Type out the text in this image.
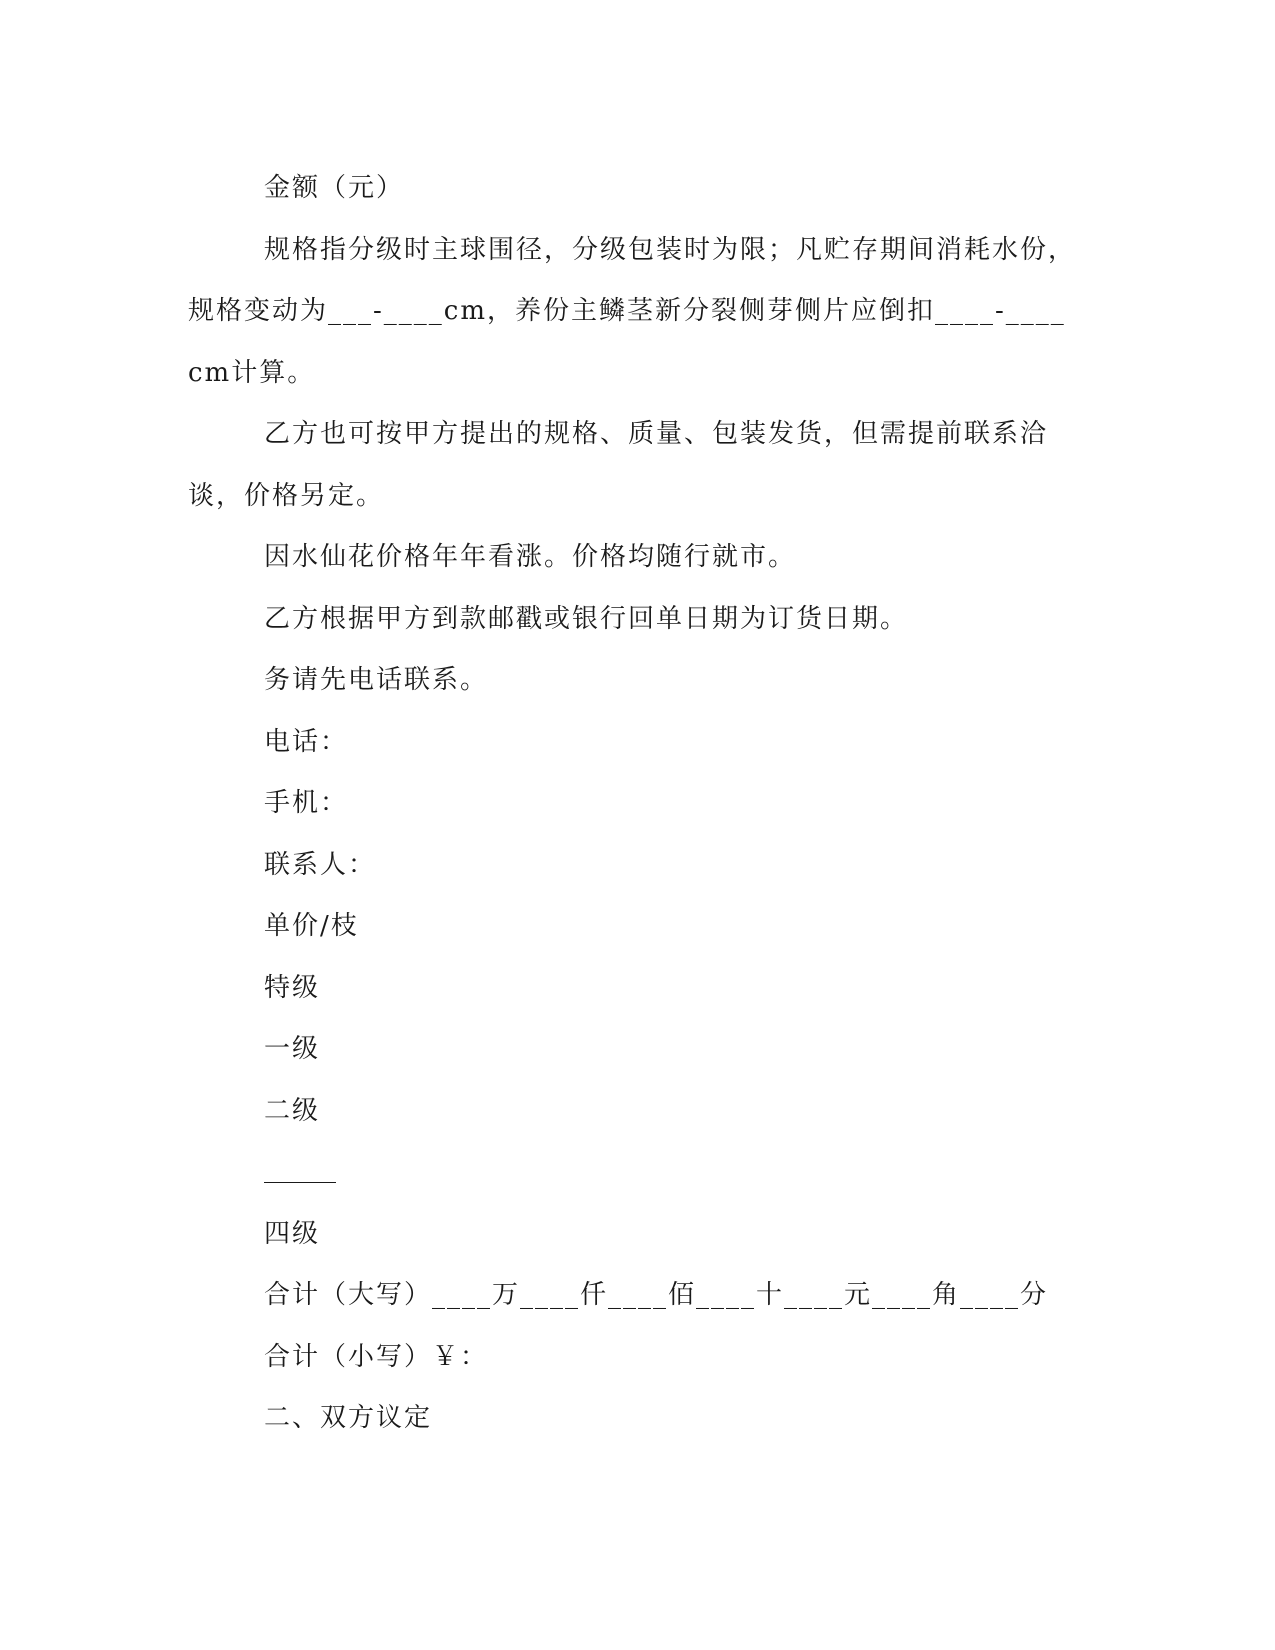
金额（元）

规格指分级时主球围径，分级包装时为限；凡贮存期间消耗水份，规格变动为___-____cm，养份主鳞茎新分裂侧芽侧片应倒扣____-____cm计算。

乙方也可按甲方提出的规格、质量、包装发货，但需提前联系洽谈，价格另定。

因水仙花价格年年看涨。价格均随行就市。

乙方根据甲方到款邮戳或银行回单日期为订货日期。

务请先电话联系。

电话：

手机：

联系人：

单价/枝

特级

一级

二级

四级

合计（大写）____万____仟____佰____十____元____角____分

合计（小写）￥：

二、双方议定
